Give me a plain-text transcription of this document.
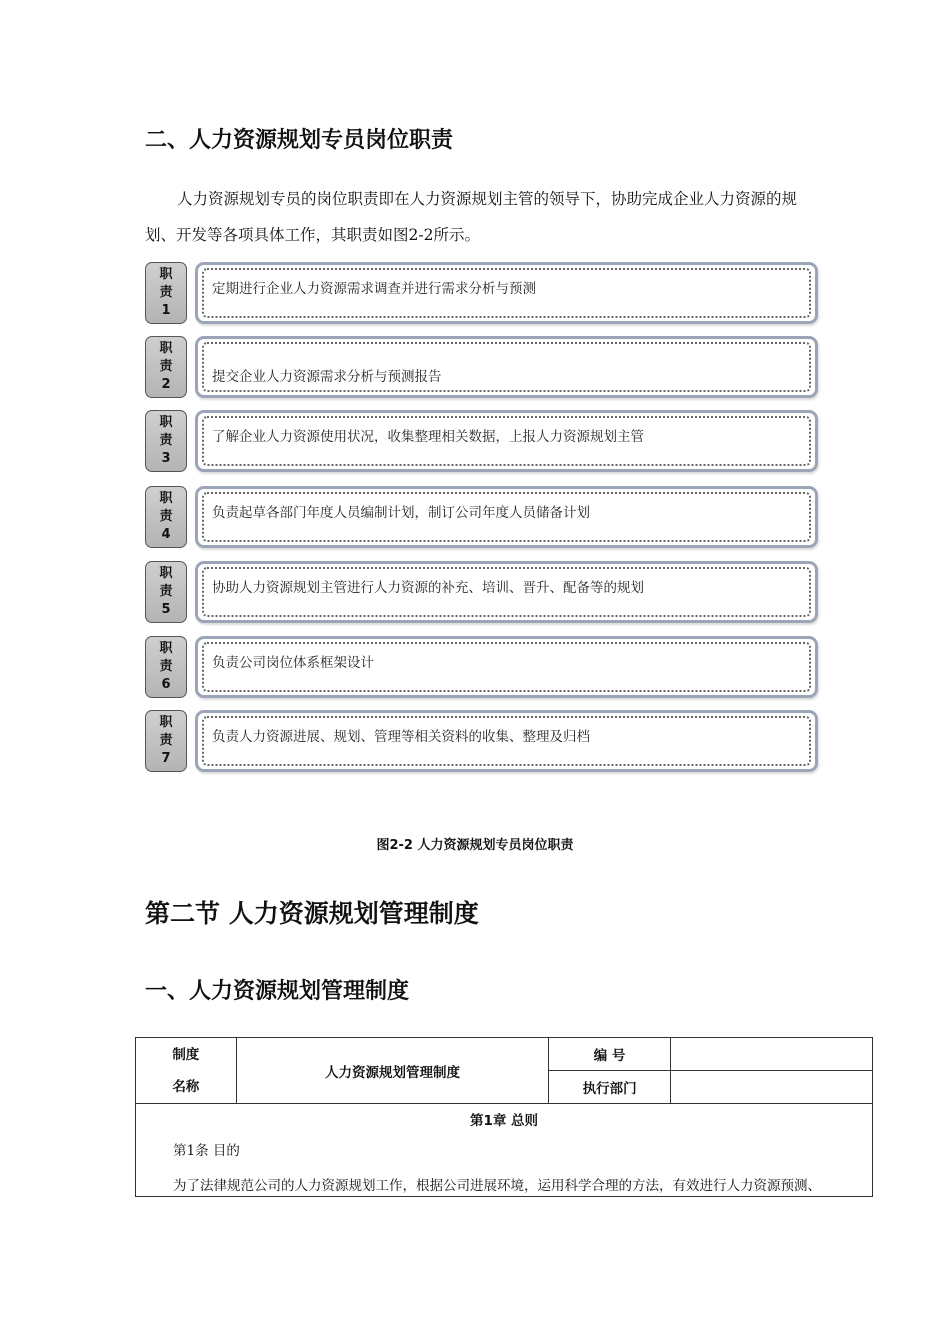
二、人力资源规划专员岗位职责
人力资源规划专员的岗位职责即在人力资源规划主管的领导下，协助完成企业人力资源的规划、开发等各项具体工作，其职责如图2-2所示。
职
责
1
定期进行企业人力资源需求调查并进行需求分析与预测
职
责
2	提交企业人力资源需求分析与预测报告
职
责
3
了解企业人力资源使用状况，收集整理相关数据，上报人力资源规划主管
职
责
4
负责起草各部门年度人员编制计划，制订公司年度人员储备计划
职
责
5
协助人力资源规划主管进行人力资源的补充、培训、晋升、配备等的规划
职
责
6
负责公司岗位体系框架设计
职
责
7
负责人力资源进展、规划、管理等相关资料的收集、整理及归档
图2-2 人力资源规划专员岗位职责
第二节 人力资源规划管理制度
一、人力资源规划管理制度
制度
名称	人力资源规划管理制度	编 号	
		执行部门	

第1章 总则
第1条 目的
为了法律规范公司的人力资源规划工作，根据公司进展环境，运用科学合理的方法，有效进行人力资源预测、			
